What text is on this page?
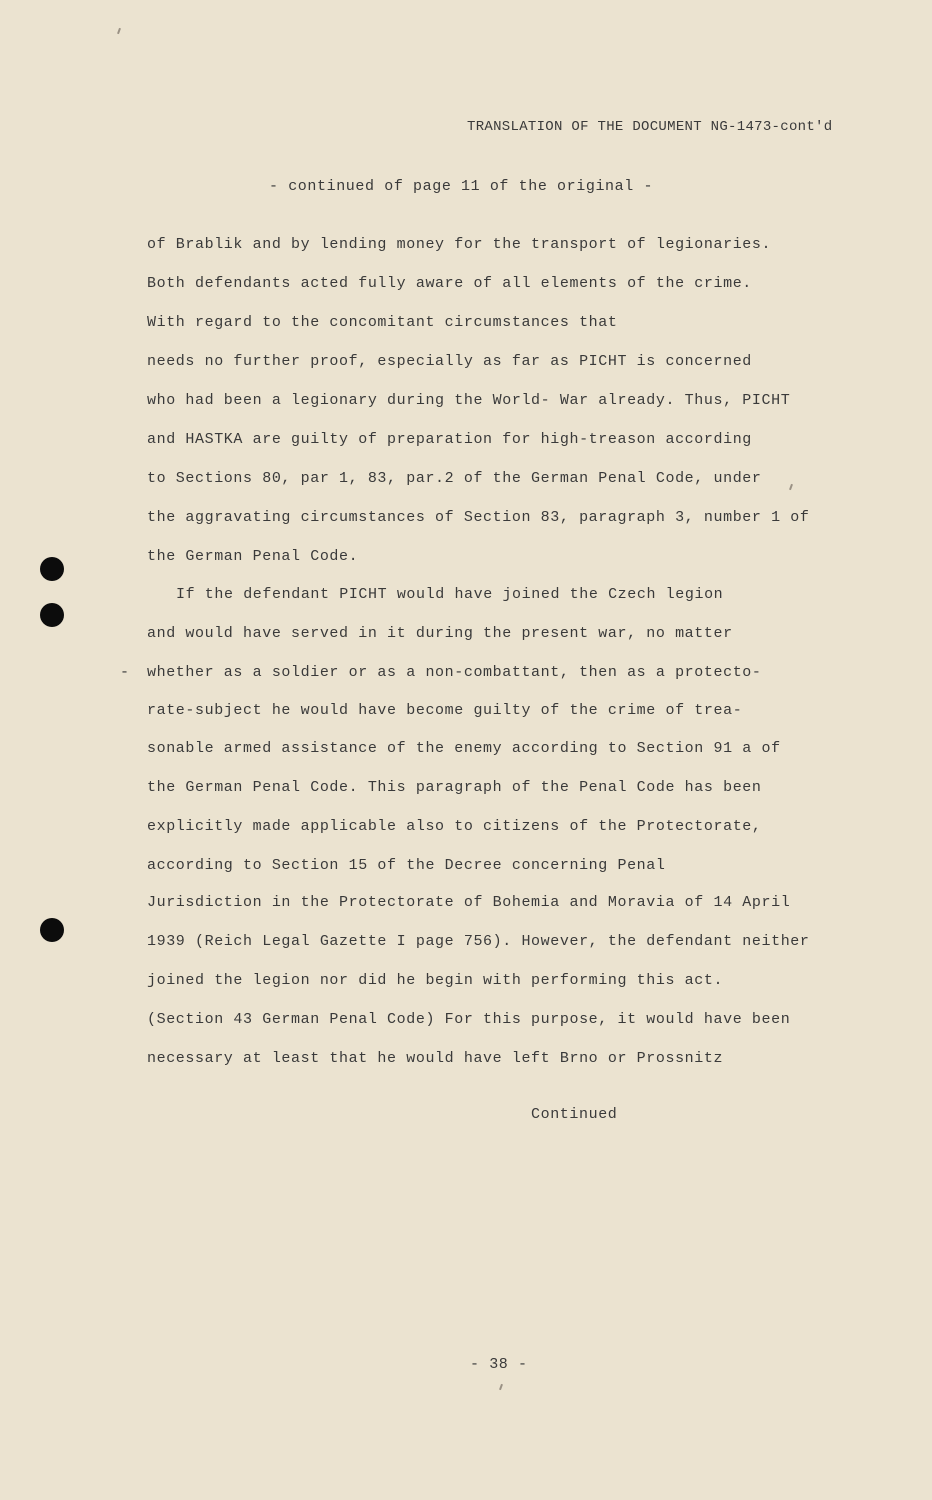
TRANSLATION OF THE DOCUMENT NG-1473-cont'd
- continued of page 11 of the original -
of Brablik and by lending money for the transport of legionaries.
Both defendants acted fully aware of all elements of the crime.
With regard to the concomitant circumstances that
needs no further proof, especially as far as PICHT is concerned
who had been a legionary during the World- War already. Thus, PICHT
and HASTKA are guilty of preparation for high-treason according
to Sections 80, par 1, 83, par.2 of the German Penal Code, under
the aggravating circumstances of Section 83, paragraph 3, number 1 of
the German Penal Code.
If the defendant PICHT would have joined the Czech legion
and would have served in it during the present war, no matter
- whether as a soldier or as a non-combattant, then as a protecto-
rate-subject he would have become guilty of the crime of trea-
sonable armed assistance of the enemy according to Section 91 a of
the German Penal Code. This paragraph of the Penal Code has been
explicitly made applicable also to citizens of the Protectorate,
according to Section 15 of the Decree concerning Penal
Jurisdiction in the Protectorate of Bohemia and Moravia of 14 April
1939 (Reich Legal Gazette I page 756). However, the defendant neither
joined the legion nor did he begin with performing this act.
(Section 43 German Penal Code) For this purpose, it would have been
necessary at least that he would have left Brno or Prossnitz
Continued
- 38 -
